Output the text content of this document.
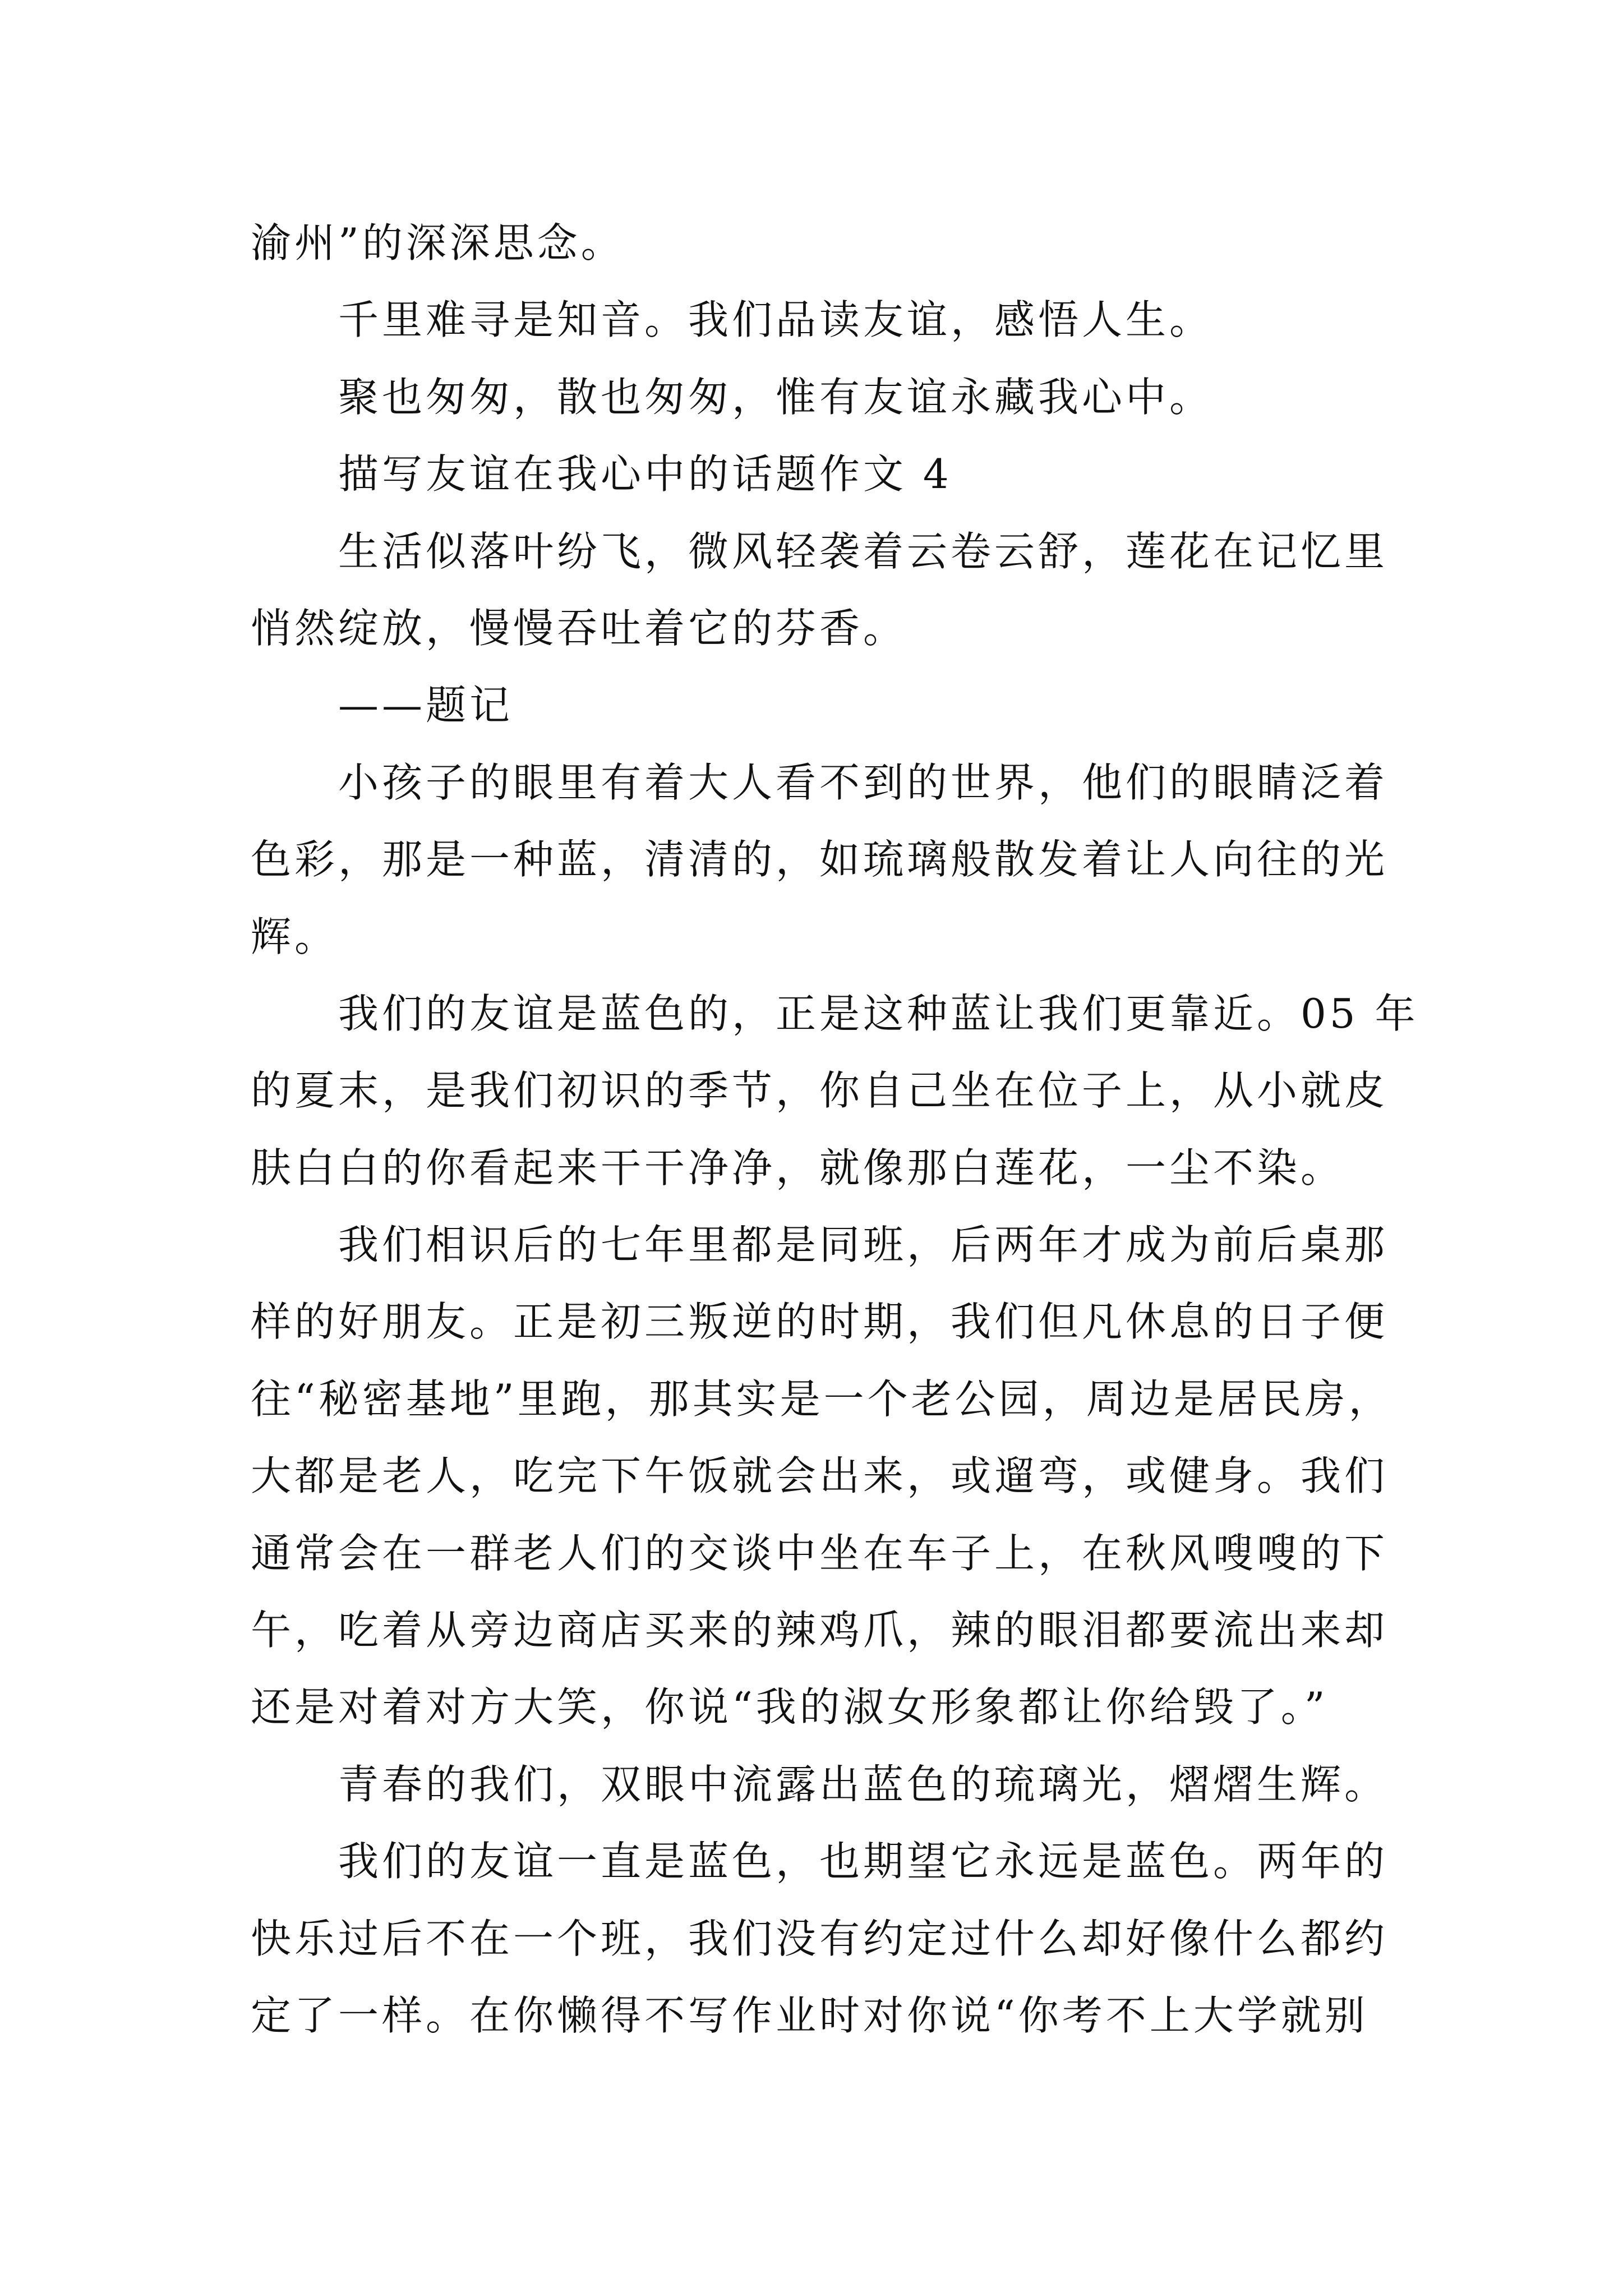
渝州”的深深思念。
千里难寻是知音。我们品读友谊，感悟人生。
聚也匆匆，散也匆匆，惟有友谊永藏我心中。
描写友谊在我心中的话题作文 4
生活似落叶纷飞，微风轻袭着云卷云舒，莲花在记忆里
悄然绽放，慢慢吞吐着它的芬香。
——题记
小孩子的眼里有着大人看不到的世界，他们的眼睛泛着
色彩，那是一种蓝，清清的，如琉璃般散发着让人向往的光
辉。
我们的友谊是蓝色的，正是这种蓝让我们更靠近。05 年
的夏末，是我们初识的季节，你自己坐在位子上，从小就皮
肤白白的你看起来干干净净，就像那白莲花，一尘不染。
我们相识后的七年里都是同班，后两年才成为前后桌那
样的好朋友。正是初三叛逆的时期，我们但凡休息的日子便
往“秘密基地”里跑，那其实是一个老公园，周边是居民房，
大都是老人，吃完下午饭就会出来，或遛弯，或健身。我们
通常会在一群老人们的交谈中坐在车子上，在秋风嗖嗖的下
午，吃着从旁边商店买来的辣鸡爪，辣的眼泪都要流出来却
还是对着对方大笑，你说“我的淑女形象都让你给毁了。”
青春的我们，双眼中流露出蓝色的琉璃光，熠熠生辉。
我们的友谊一直是蓝色，也期望它永远是蓝色。两年的
快乐过后不在一个班，我们没有约定过什么却好像什么都约
定了一样。在你懒得不写作业时对你说“你考不上大学就别
